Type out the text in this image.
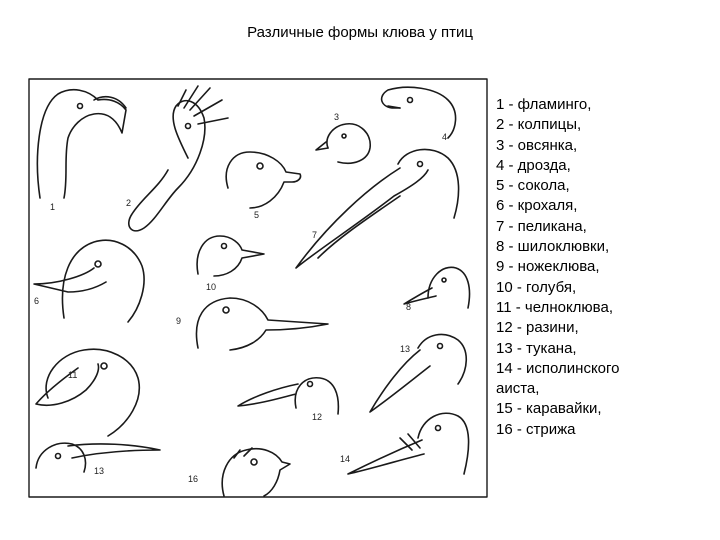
Различные формы клюва у птиц
1	2
3
4
5
6
7
8
9
10
11
12
13
14
13
16
1 - фламинго,
2 - колпицы,
3 - овсянка,
4 - дрозда,
5 - сокола,
6 - крохаля,
7 - пеликана,
8 - шилоклювки,
9 - ножеклюва,
10 - голубя,
11 - челноклюва,
12 - разини,
13 - тукана,
14 - исполинского
аиста,
15 - каравайки,
16 - стрижа
